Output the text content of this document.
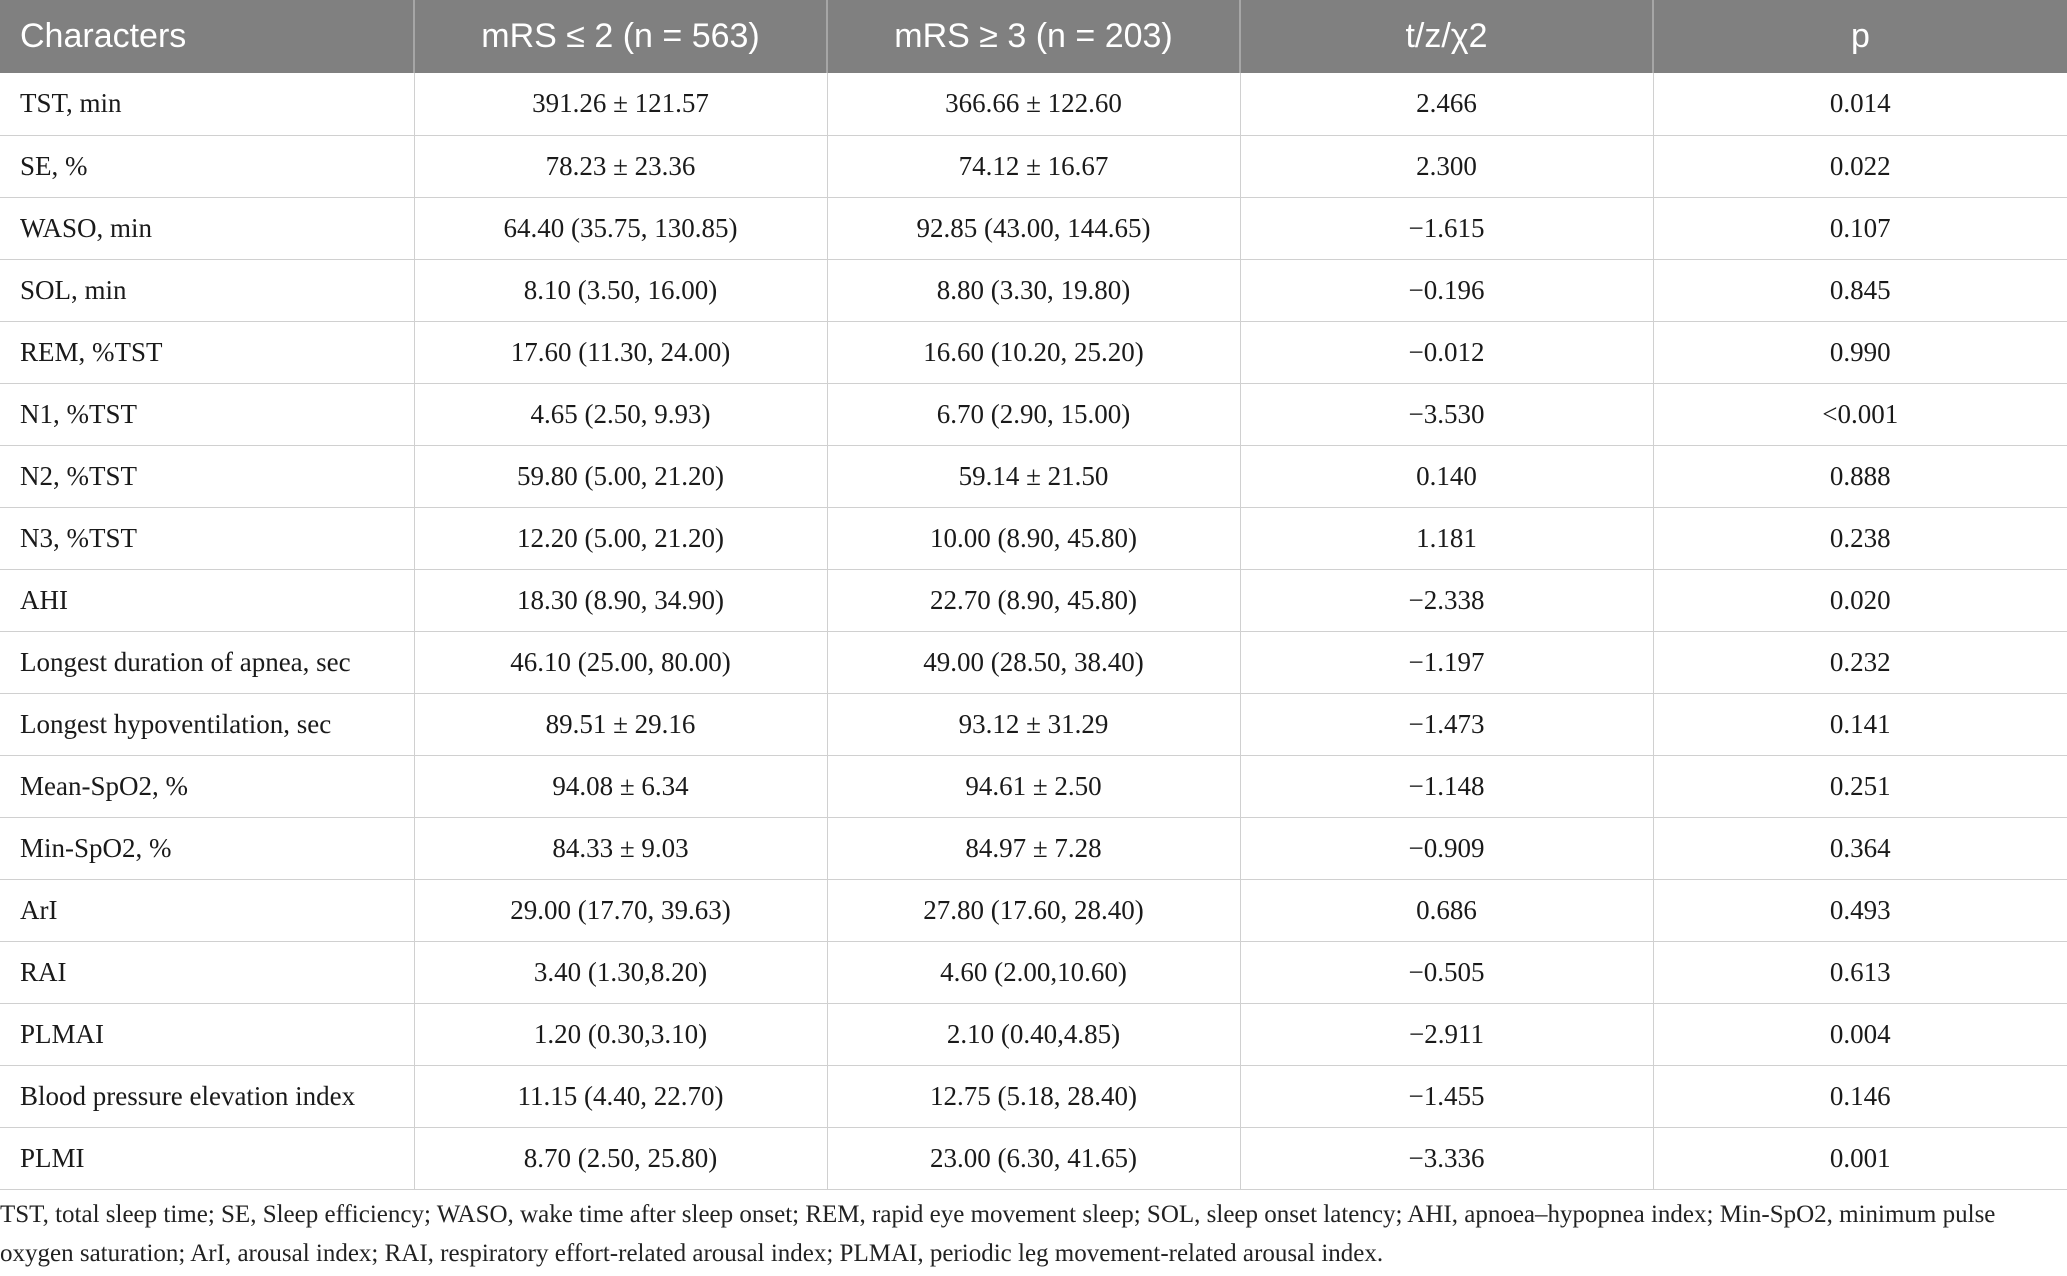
Characters	mRS ≤ 2 (n = 563)	mRS ≥ 3 (n = 203)	t/z/χ2	p
TST, min	391.26 ± 121.57	366.66 ± 122.60	2.466	0.014
SE, %	78.23 ± 23.36	74.12 ± 16.67	2.300	0.022
WASO, min	64.40 (35.75, 130.85)	92.85 (43.00, 144.65)	−1.615	0.107
SOL, min	8.10 (3.50, 16.00)	8.80 (3.30, 19.80)	−0.196	0.845
REM, %TST	17.60 (11.30, 24.00)	16.60 (10.20, 25.20)	−0.012	0.990
N1, %TST	4.65 (2.50, 9.93)	6.70 (2.90, 15.00)	−3.530	<0.001
N2, %TST	59.80 (5.00, 21.20)	59.14 ± 21.50	0.140	0.888
N3, %TST	12.20 (5.00, 21.20)	10.00 (8.90, 45.80)	1.181	0.238
AHI	18.30 (8.90, 34.90)	22.70 (8.90, 45.80)	−2.338	0.020
Longest duration of apnea, sec	46.10 (25.00, 80.00)	49.00 (28.50, 38.40)	−1.197	0.232
Longest hypoventilation, sec	89.51 ± 29.16	93.12 ± 31.29	−1.473	0.141
Mean-SpO2, %	94.08 ± 6.34	94.61 ± 2.50	−1.148	0.251
Min-SpO2, %	84.33 ± 9.03	84.97 ± 7.28	−0.909	0.364
ArI	29.00 (17.70, 39.63)	27.80 (17.60, 28.40)	0.686	0.493
RAI	3.40 (1.30,8.20)	4.60 (2.00,10.60)	−0.505	0.613
PLMAI	1.20 (0.30,3.10)	2.10 (0.40,4.85)	−2.911	0.004
Blood pressure elevation index	11.15 (4.40, 22.70)	12.75 (5.18, 28.40)	−1.455	0.146
PLMI	8.70 (2.50, 25.80)	23.00 (6.30, 41.65)	−3.336	0.001
TST, total sleep time; SE, Sleep efficiency; WASO, wake time after sleep onset; REM, rapid eye movement sleep; SOL, sleep onset latency; AHI, apnoea–hypopnea index; Min-SpO2, minimum pulse oxygen saturation; ArI, arousal index; RAI, respiratory effort-related arousal index; PLMAI, periodic leg movement-related arousal index.
